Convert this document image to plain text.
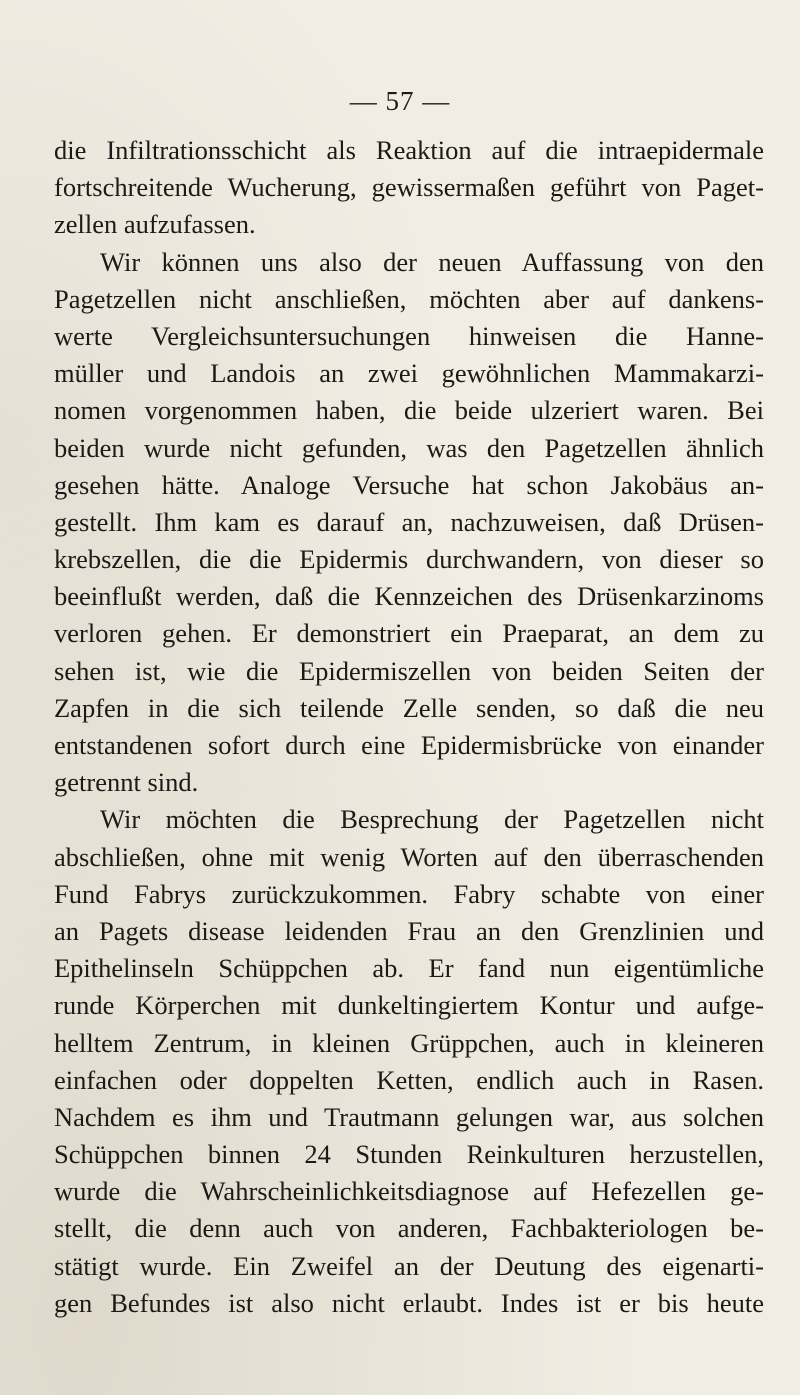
— 57 —
die Infiltrationsschicht als Reaktion auf die intraepidermale
fortschreitende Wucherung, gewissermaßen geführt von Paget-
zellen aufzufassen.
Wir können uns also der neuen Auffassung von den
Pagetzellen nicht anschließen, möchten aber auf dankens-
werte Vergleichsuntersuchungen hinweisen die Hanne-
müller und Landois an zwei gewöhnlichen Mammakarzi-
nomen vorgenommen haben, die beide ulzeriert waren. Bei
beiden wurde nicht gefunden, was den Pagetzellen ähnlich
gesehen hätte. Analoge Versuche hat schon Jakobäus an-
gestellt. Ihm kam es darauf an, nachzuweisen, daß Drüsen-
krebszellen, die die Epidermis durchwandern, von dieser so
beeinflußt werden, daß die Kennzeichen des Drüsenkarzinoms
verloren gehen. Er demonstriert ein Praeparat, an dem zu
sehen ist, wie die Epidermiszellen von beiden Seiten der
Zapfen in die sich teilende Zelle senden, so daß die neu
entstandenen sofort durch eine Epidermisbrücke von einander
getrennt sind.
Wir möchten die Besprechung der Pagetzellen nicht
abschließen, ohne mit wenig Worten auf den überraschenden
Fund Fabrys zurückzukommen. Fabry schabte von einer
an Pagets disease leidenden Frau an den Grenzlinien und
Epithelinseln Schüppchen ab. Er fand nun eigentümliche
runde Körperchen mit dunkeltingiertem Kontur und aufge-
helltem Zentrum, in kleinen Grüppchen, auch in kleineren
einfachen oder doppelten Ketten, endlich auch in Rasen.
Nachdem es ihm und Trautmann gelungen war, aus solchen
Schüppchen binnen 24 Stunden Reinkulturen herzustellen,
wurde die Wahrscheinlichkeitsdiagnose auf Hefezellen ge-
stellt, die denn auch von anderen, Fachbakteriologen be-
stätigt wurde. Ein Zweifel an der Deutung des eigenarti-
gen Befundes ist also nicht erlaubt. Indes ist er bis heute
